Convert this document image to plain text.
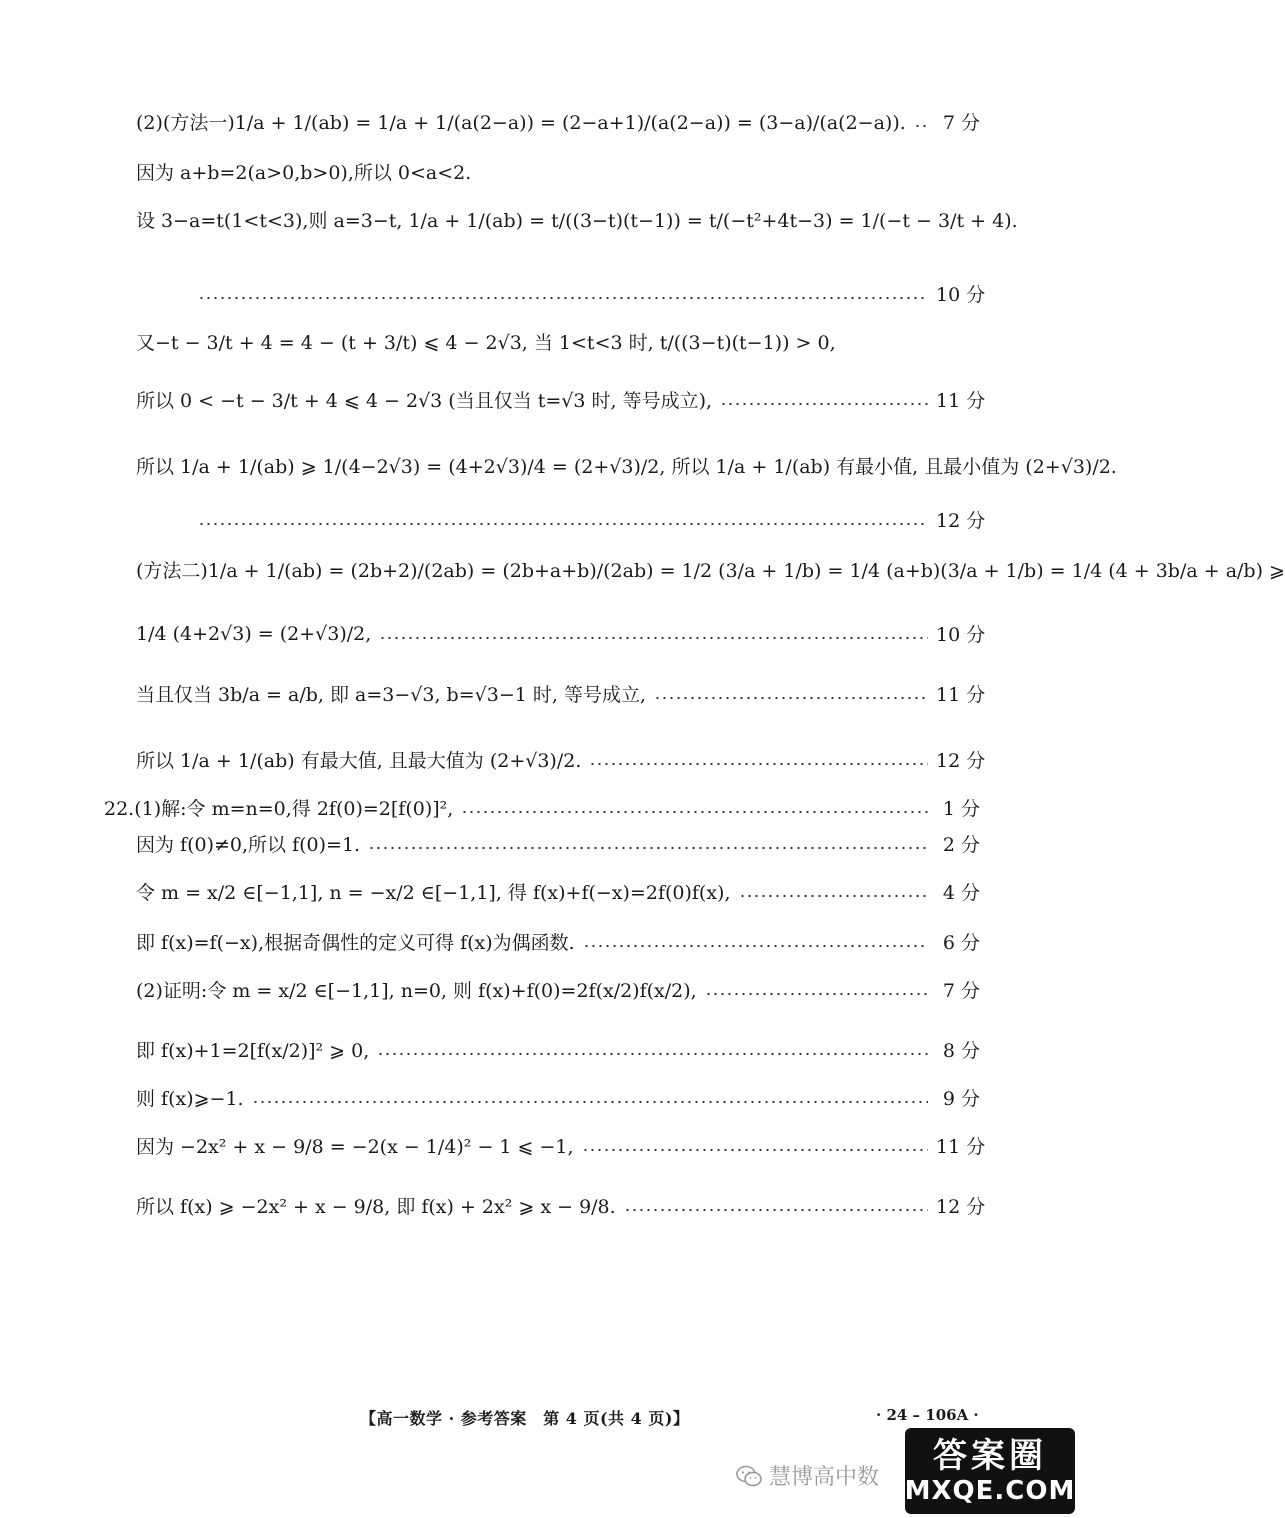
(2)(方法一)1/a + 1/(ab) = 1/a + 1/(a(2−a)) = (2−a+1)/(a(2−a)) = (3−a)/(a(2−a)).	7 分
因为 a+b=2(a>0,b>0),所以 0<a<2.
设 3−a=t(1<t<3),则 a=3−t, 1/a + 1/(ab) = t/((3−t)(t−1)) = t/(−t²+4t−3) = 1/(−t − 3/t + 4).
10 分
又−t − 3/t + 4 = 4 − (t + 3/t) ⩽ 4 − 2√3, 当 1<t<3 时, t/((3−t)(t−1)) > 0,
所以 0 < −t − 3/t + 4 ⩽ 4 − 2√3 (当且仅当 t=√3 时, 等号成立),	11 分
所以 1/a + 1/(ab) ⩾ 1/(4−2√3) = (4+2√3)/4 = (2+√3)/2, 所以 1/a + 1/(ab) 有最小值, 且最小值为 (2+√3)/2.
12 分
(方法二)1/a + 1/(ab) = (2b+2)/(2ab) = (2b+a+b)/(2ab) = 1/2 (3/a + 1/b) = 1/4 (a+b)(3/a + 1/b) = 1/4 (4 + 3b/a + a/b) ⩾
1/4 (4+2√3) = (2+√3)/2,	10 分
当且仅当 3b/a = a/b, 即 a=3−√3, b=√3−1 时, 等号成立,	11 分
所以 1/a + 1/(ab) 有最大值, 且最大值为 (2+√3)/2.	12 分
22.(1)解:令 m=n=0,得 2f(0)=2[f(0)]²,	1 分
因为 f(0)≠0,所以 f(0)=1.	2 分
令 m = x/2 ∈[−1,1], n = −x/2 ∈[−1,1], 得 f(x)+f(−x)=2f(0)f(x),	4 分
即 f(x)=f(−x),根据奇偶性的定义可得 f(x)为偶函数.	6 分
(2)证明:令 m = x/2 ∈[−1,1], n=0, 则 f(x)+f(0)=2f(x/2)f(x/2),	7 分
即 f(x)+1=2[f(x/2)]² ⩾ 0,	8 分
则 f(x)⩾−1.	9 分
因为 −2x² + x − 9/8 = −2(x − 1/4)² − 1 ⩽ −1,	11 分
所以 f(x) ⩾ −2x² + x − 9/8, 即 f(x) + 2x² ⩾ x − 9/8.	12 分
【高一数学 · 参考答案　第 4 页(共 4 页)】	· 24 – 106A ·
慧博高中数
答案圈
MXQE.COM
